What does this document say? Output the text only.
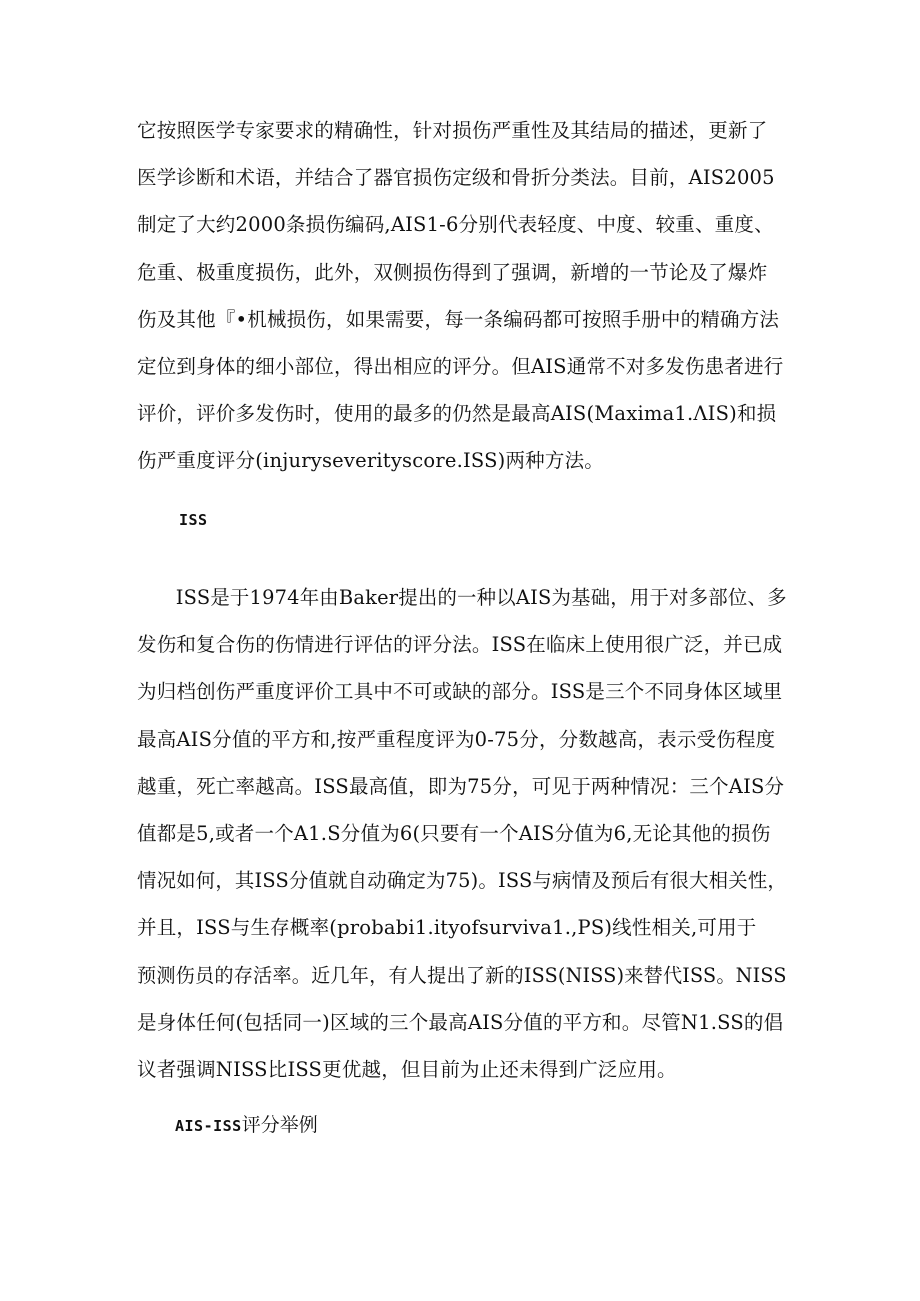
它按照医学专家要求的精确性，针对损伤严重性及其结局的描述，更新了
医学诊断和术语，并结合了器官损伤定级和骨折分类法。目前，AIS2005
制定了大约2000条损伤编码,AIS1-6分别代表轻度、中度、较重、重度、
危重、极重度损伤，此外，双侧损伤得到了强调，新增的一节论及了爆炸
伤及其他『•机械损伤，如果需要，每一条编码都可按照手册中的精确方法
定位到身体的细小部位，得出相应的评分。但AIS通常不对多发伤患者进行
评价，评价多发伤时，使用的最多的仍然是最高AIS(Maxima1.ΛIS)和损
伤严重度评分(injuryseverityscore.ISS)两种方法。
ISS
ISS是于1974年由Baker提出的一种以AIS为基础，用于对多部位、多
发伤和复合伤的伤情进行评估的评分法。ISS在临床上使用很广泛，并已成
为归档创伤严重度评价工具中不可或缺的部分。ISS是三个不同身体区域里
最高AIS分值的平方和,按严重程度评为0-75分，分数越高，表示受伤程度
越重，死亡率越高。ISS最高值，即为75分，可见于两种情况：三个AIS分
值都是5,或者一个A1.S分值为6(只要有一个AIS分值为6,无论其他的损伤
情况如何，其ISS分值就自动确定为75)。ISS与病情及预后有很大相关性，
并且，ISS与生存概率(probabi1.ityofsurviva1.,PS)线性相关,可用于
预测伤员的存活率。近几年，有人提出了新的ISS(NISS)来替代ISS。NISS
是身体任何(包括同一)区域的三个最高AIS分值的平方和。尽管N1.SS的倡
议者强调NISS比ISS更优越，但目前为止还未得到广泛应用。
AIS-ISS评分举例
